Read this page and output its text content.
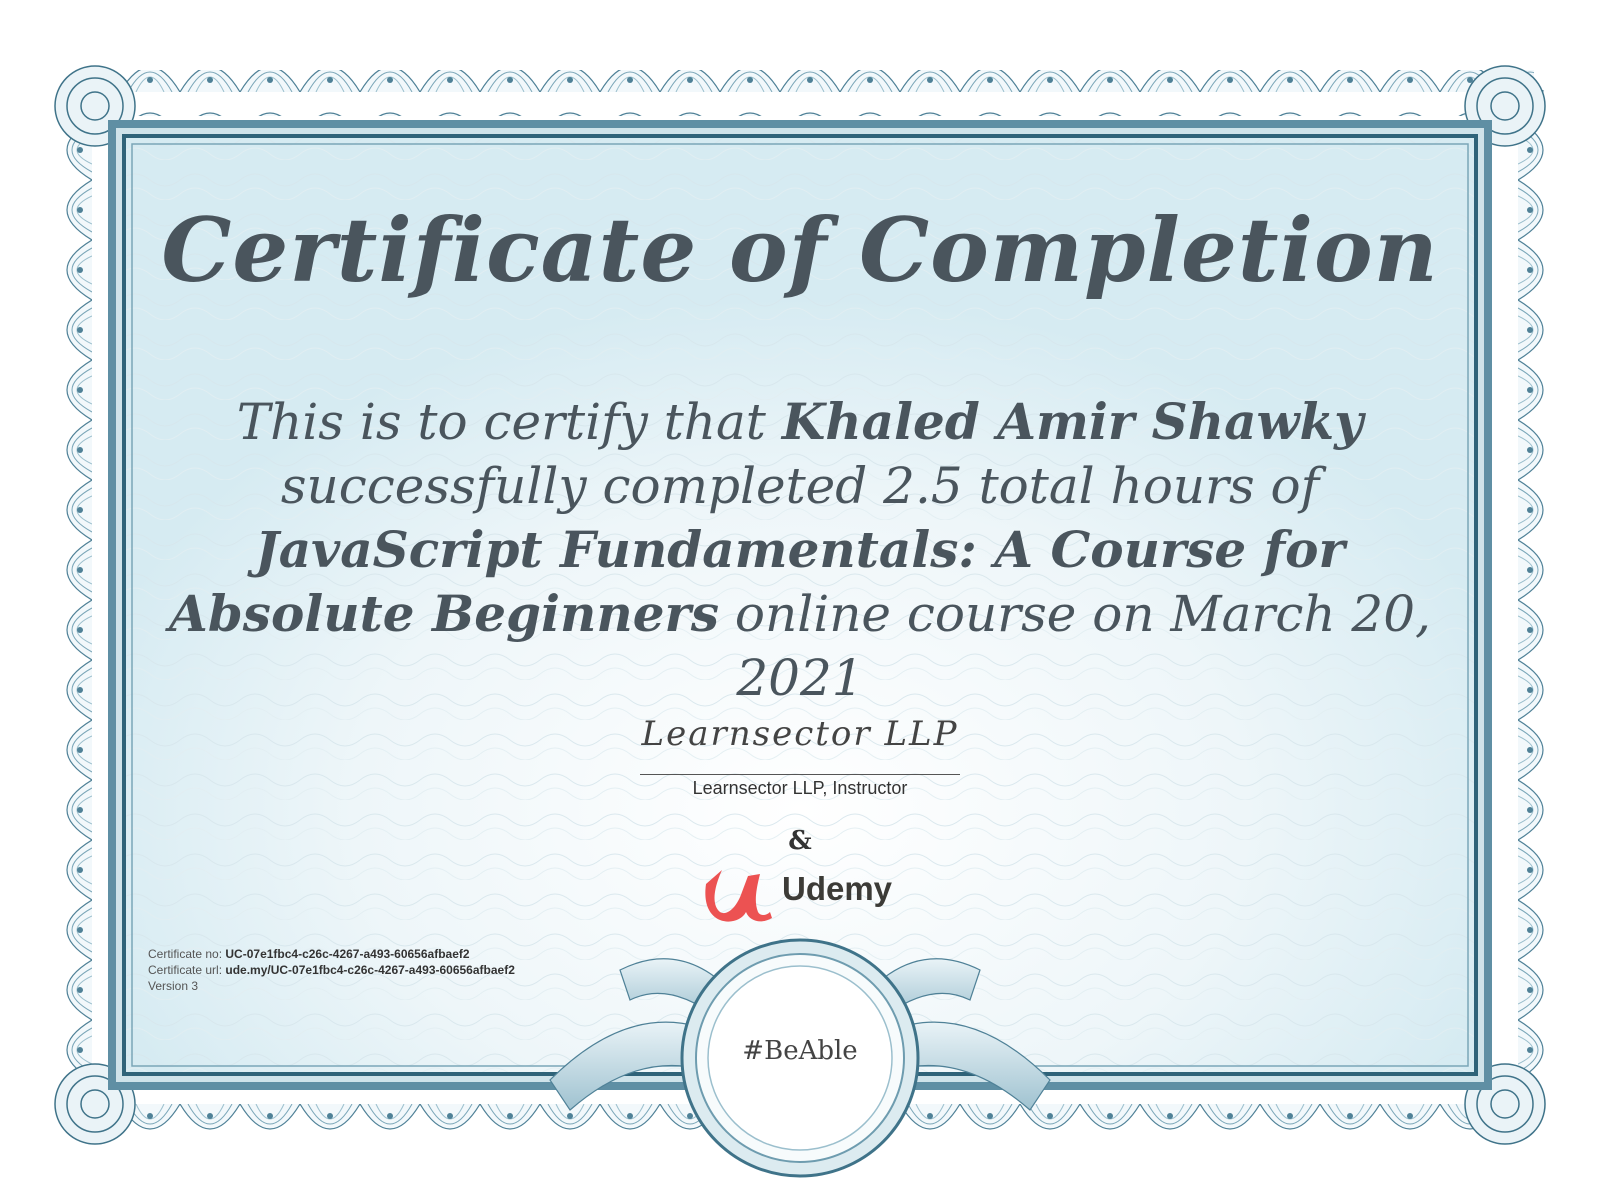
Certificate of Completion
This is to certify that Khaled Amir Shawky
successfully completed 2.5 total hours of
JavaScript Fundamentals: A Course for Absolute Beginners online course on March 20, 2021
Learnsector LLP
Learnsector LLP, Instructor
&
Udemy
Certificate no: UC-07e1fbc4-c26c-4267-a493-60656afbaef2
Certificate url: ude.my/UC-07e1fbc4-c26c-4267-a493-60656afbaef2
Version 3
#BeAble
